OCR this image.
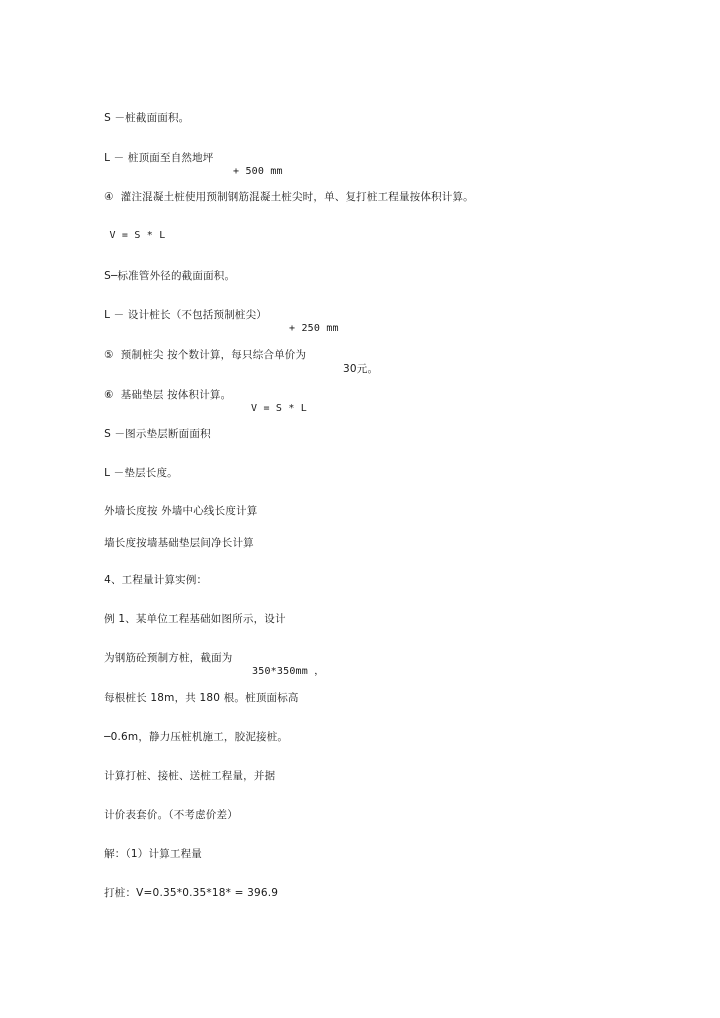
S －桩截面面积。

L － 桩顶面至自然地坪

+ 500 mm

④  灌注混凝土桩使用预制钢筋混凝土桩尖时，单、复打桩工程量按体积计算。

V = S * L

S─标准管外径的截面面积。

L － 设计桩长（不包括预制桩尖）

+ 250 mm

⑤  预制桩尖 按个数计算，每只综合单价为

30元。

⑥  基础垫层 按体积计算。

V = S * L

S －图示垫层断面面积

L －垫层长度。

外墙长度按 外墙中心线长度计算

墙长度按墙基础垫层间净长计算

4、工程量计算实例：

例 1、某单位工程基础如图所示，设计

为钢筋砼预制方桩，截面为

350*350mm ，

每根桩长 18m，共 180 根。桩顶面标高

─0.6m，静力压桩机施工，胶泥接桩。

计算打桩、接桩、送桩工程量，并据

计价表套价。（不考虑价差）

解：（1）计算工程量

打桩：V=0.35*0.35*18* = 396.9
